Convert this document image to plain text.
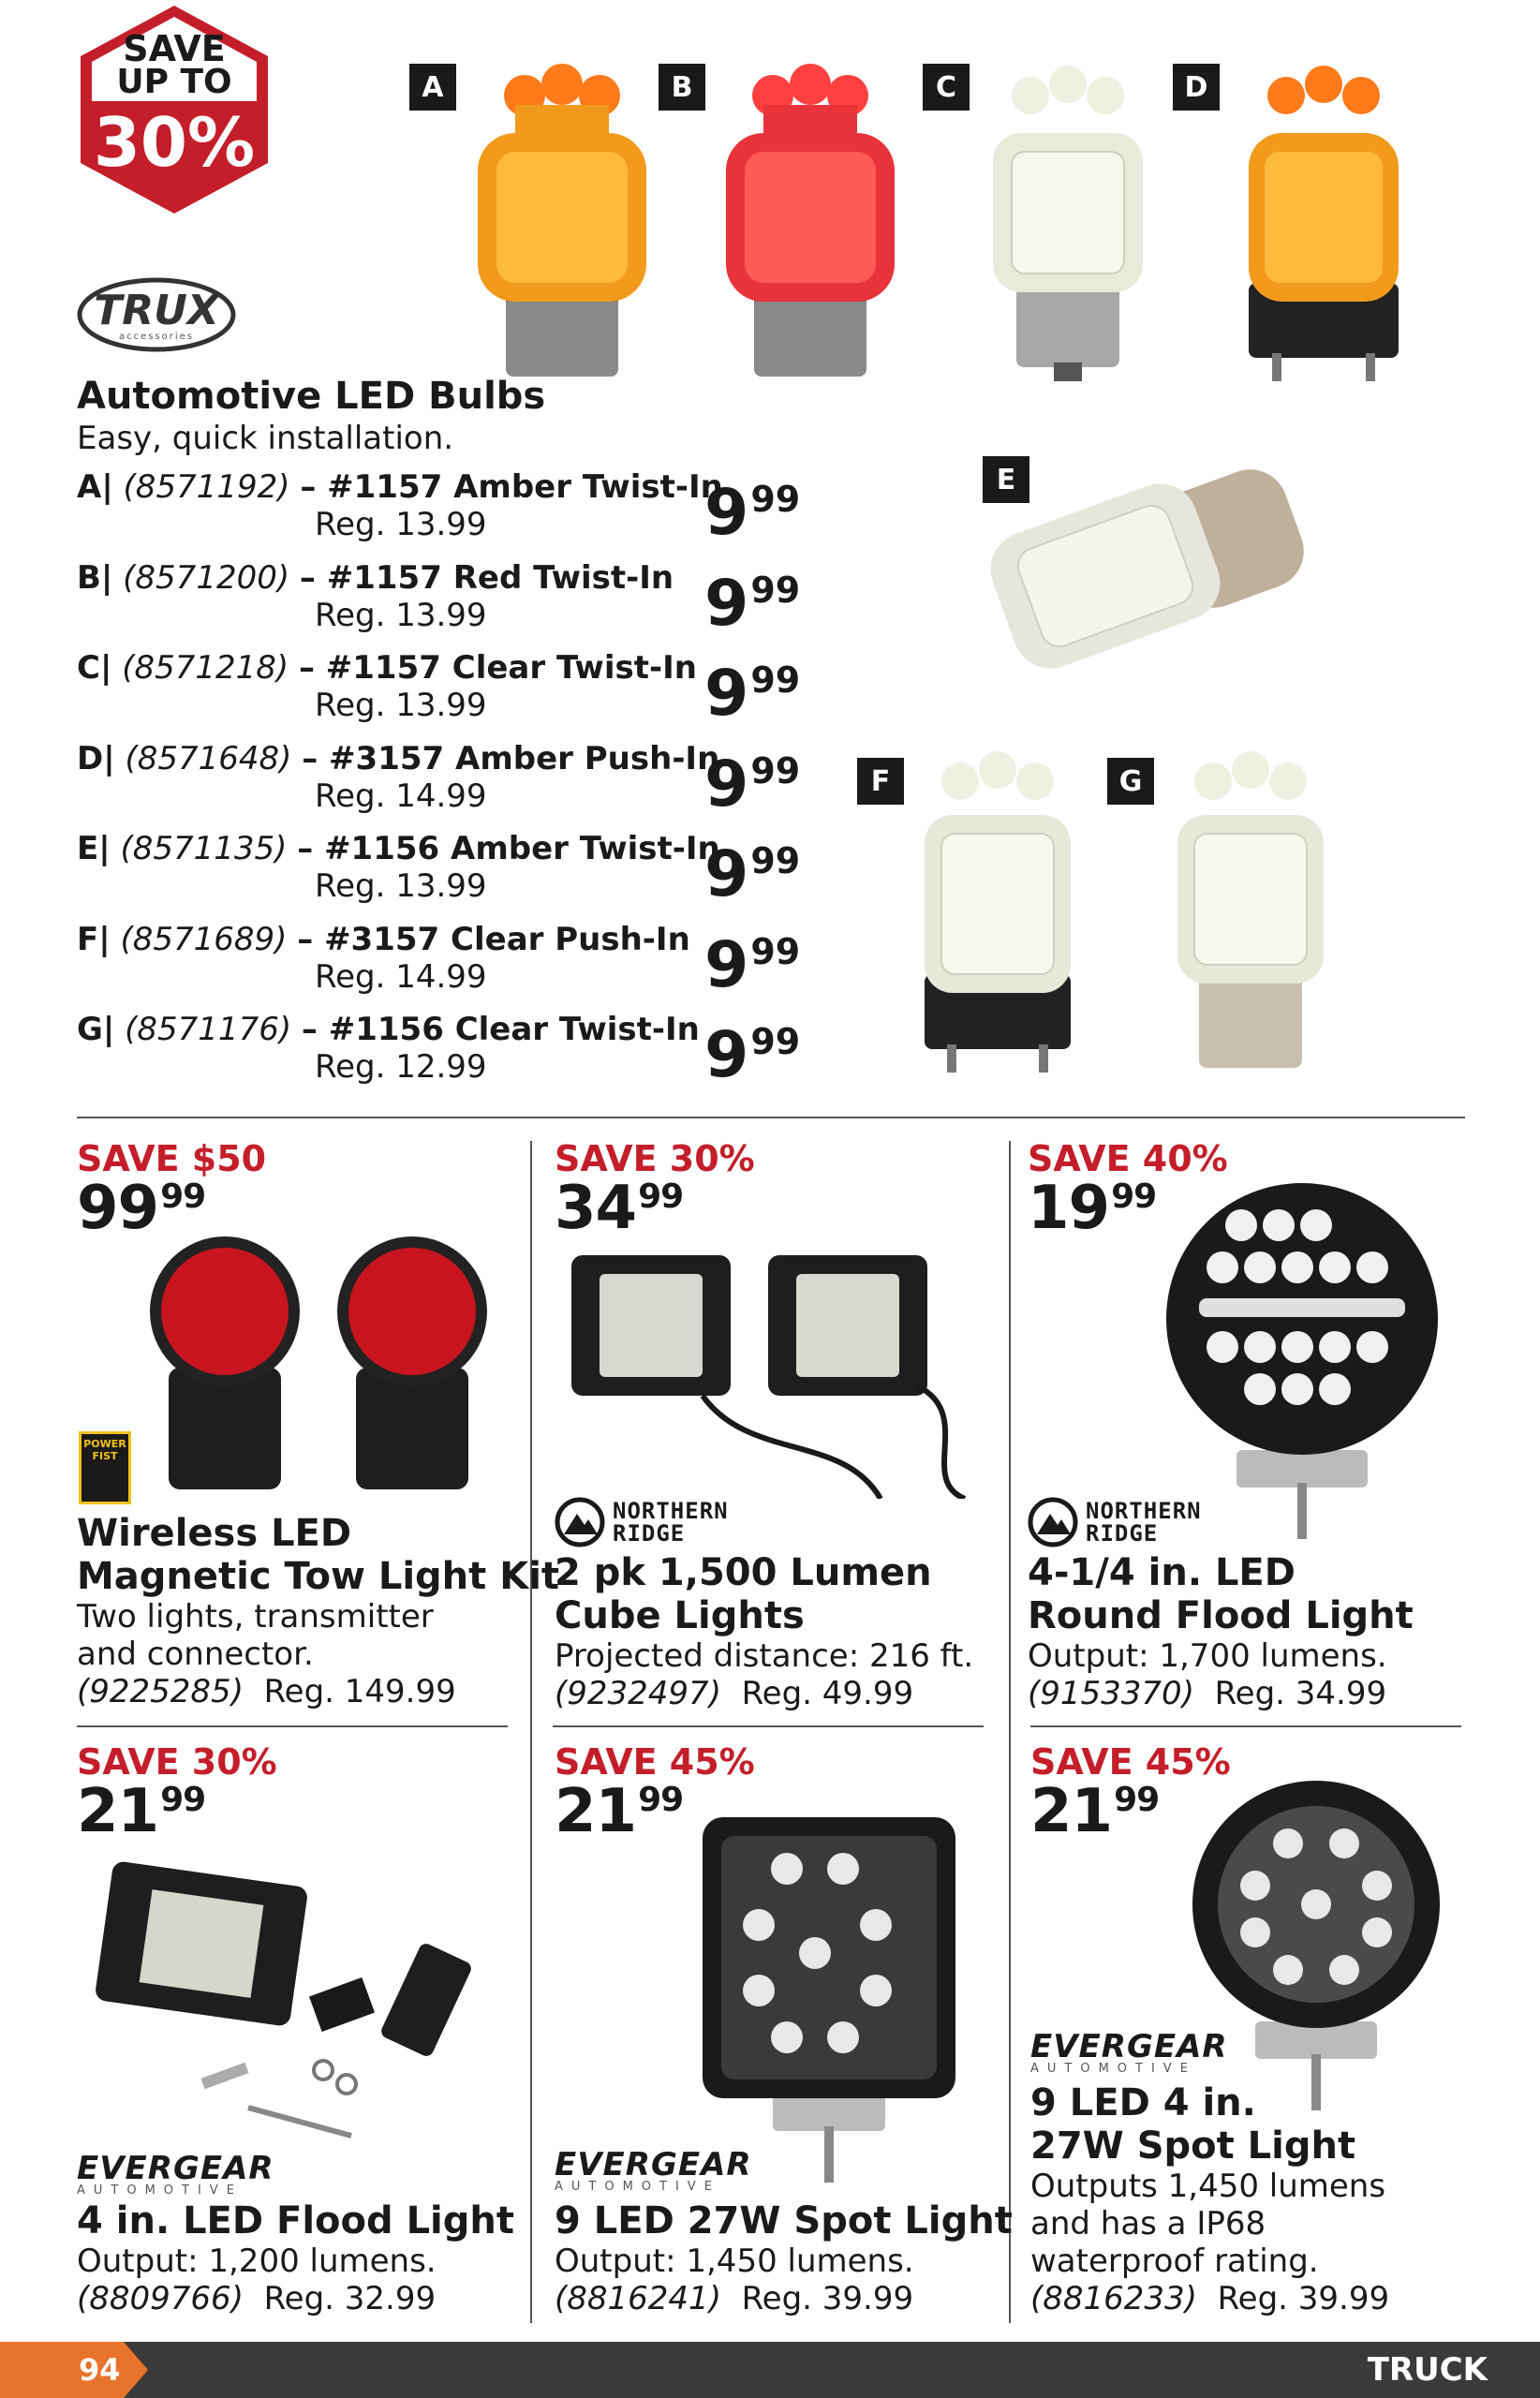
SAVE
UP TO
30%
TRUX
accessories
A	B	C	D
E
F	G
Automotive LED Bulbs
Easy, quick installation.
A| (8571192) – #1157 Amber Twist-In
Reg. 13.99	$9^{99}$
B| (8571200) – #1157 Red Twist-In
Reg. 13.99	$9^{99}$
C| (8571218) – #1157 Clear Twist-In
Reg. 13.99	$9^{99}$
D| (8571648) – #3157 Amber Push-In
Reg. 14.99	$9^{99}$
E| (8571135) – #1156 Amber Twist-In
Reg. 13.99	$9^{99}$
F| (8571689) – #3157 Clear Push-In
Reg. 14.99	$9^{99}$
G| (8571176) – #1156 Clear Twist-In
Reg. 12.99	$9^{99}$
SAVE $50
$99^{99}$
POWER FIST
Wireless LED
Magnetic Tow Light Kit
Two lights, transmitter
and connector.
(9225285) Reg. 149.99
SAVE 30%
$34^{99}$
NORTHERN
RIDGE
2 pk 1,500 Lumen
Cube Lights
Projected distance: 216 ft.
(9232497) Reg. 49.99
SAVE 40%
$19^{99}$
NORTHERN
RIDGE
4-1/4 in. LED
Round Flood Light
Output: 1,700 lumens.
(9153370) Reg. 34.99
SAVE 30%
$21^{99}$
EVERGEAR
AUTOMOTIVE
4 in. LED Flood Light
Output: 1,200 lumens.
(8809766) Reg. 32.99
SAVE 45%
$21^{99}$
EVERGEAR
AUTOMOTIVE
9 LED 27W Spot Light
Output: 1,450 lumens.
(8816241) Reg. 39.99
SAVE 45%
$21^{99}$
EVERGEAR
AUTOMOTIVE
9 LED 4 in.
27W Spot Light
Outputs 1,450 lumens
and has a IP68
waterproof rating.
(8816233) Reg. 39.99
94	TRUCK
